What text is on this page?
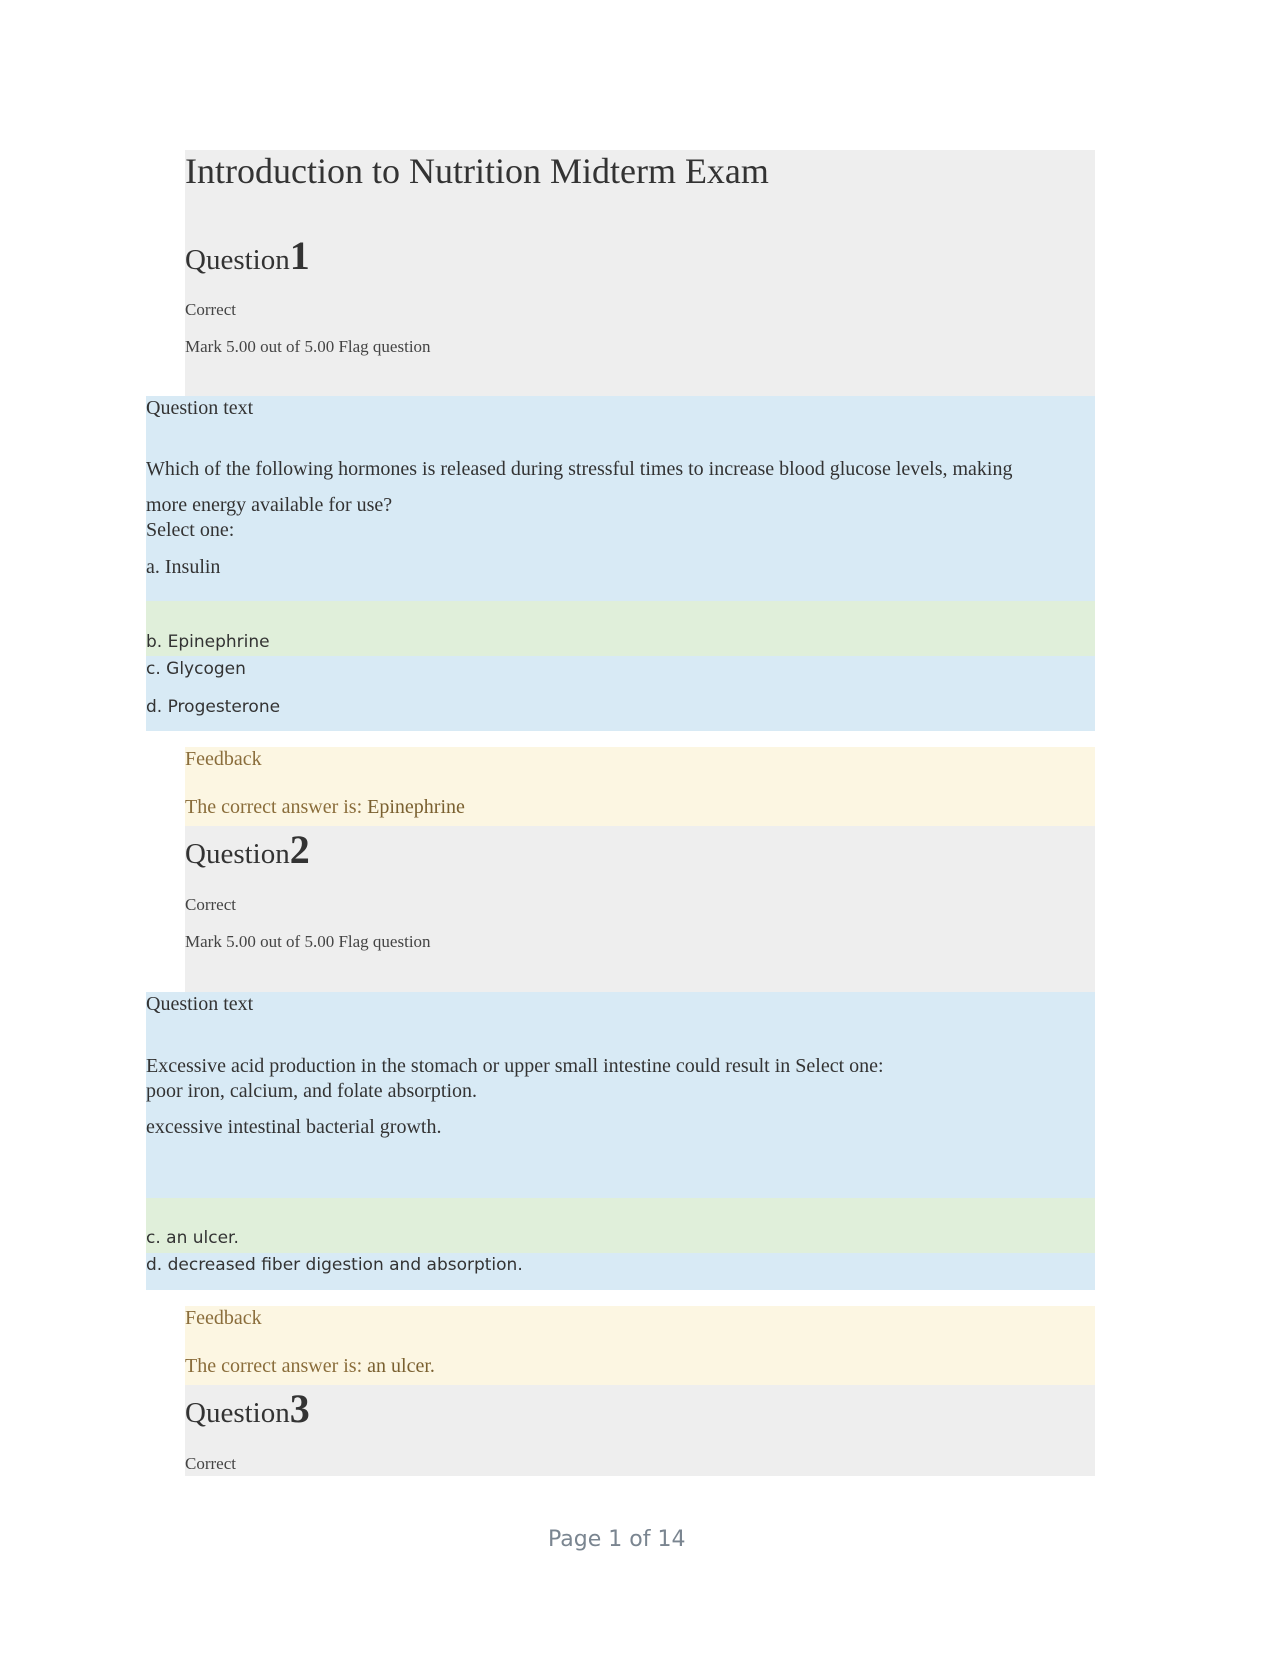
Introduction to Nutrition Midterm Exam
Question1
Correct
Mark 5.00 out of 5.00 Flag question
Question text
Which of the following hormones is released during stressful times to increase blood glucose levels, making
more energy available for use?
Select one:
a. Insulin
b. Epinephrine
c. Glycogen
d. Progesterone
Feedback
The correct answer is: Epinephrine
Question2
Correct
Mark 5.00 out of 5.00 Flag question
Question text
Excessive acid production in the stomach or upper small intestine could result in Select one:
poor iron, calcium, and folate absorption.
excessive intestinal bacterial growth.
c. an ulcer.
d. decreased fiber digestion and absorption.
Feedback
The correct answer is: an ulcer.
Question3
Correct
Page 1 of 14
